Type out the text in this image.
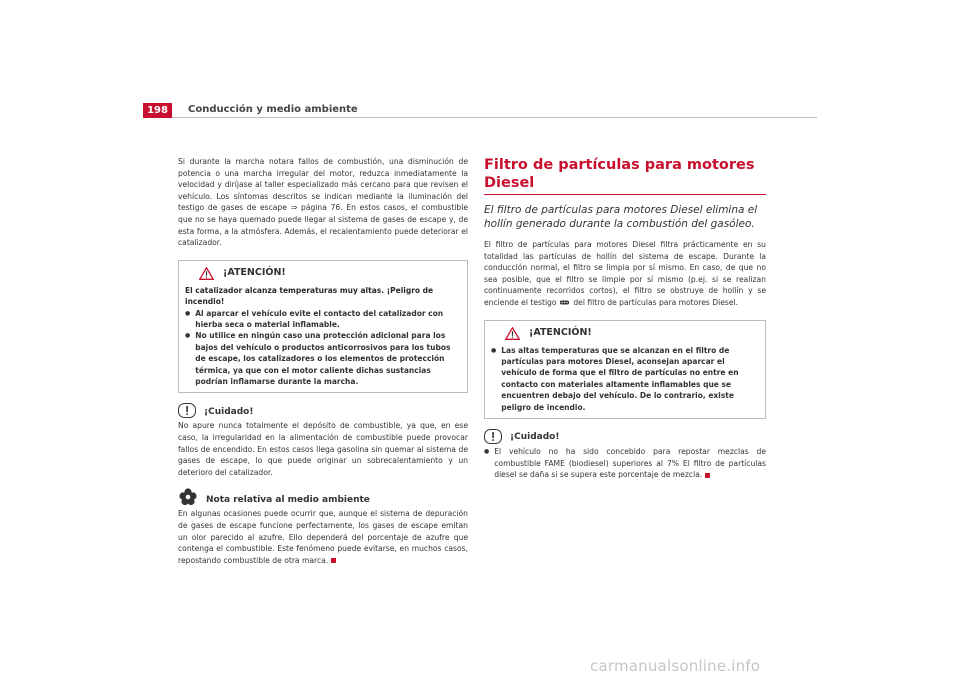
198	Conducción y medio ambiente

Si durante la marcha notara fallos de combustión, una disminución de potencia o una marcha irregular del motor, reduzca inmediatamente la velocidad y diríjase al taller especializado más cercano para que revisen el vehículo. Los síntomas descritos se indican mediante la iluminación del testigo de gases de escape ⇒ página 76. En estos casos, el combustible que no se haya quemado puede llegar al sistema de gases de escape y, de esta forma, a la atmósfera. Además, el recalentamiento puede deteriorar el catalizador.

¡ATENCIÓN!
El catalizador alcanza temperaturas muy altas. ¡Peligro de incendio!
● Al aparcar el vehículo evite el contacto del catalizador con hierba seca o material inflamable.
● No utilice en ningún caso una protección adicional para los bajos del vehículo o productos anticorrosivos para los tubos de escape, los catalizadores o los elementos de protección térmica, ya que con el motor caliente dichas sustancias podrían inflamarse durante la marcha.
¡Cuidado!

No apure nunca totalmente el depósito de combustible, ya que, en ese caso, la irregularidad en la alimentación de combustible puede provocar fallos de encendido. En estos casos llega gasolina sin quemar al sistema de gases de escape, lo que puede originar un sobrecalentamiento y un deterioro del catalizador.

Nota relativa al medio ambiente

En algunas ocasiones puede ocurrir que, aunque el sistema de depuración de gases de escape funcione perfectamente, los gases de escape emitan un olor parecido al azufre. Ello dependerá del porcentaje de azufre que contenga el combustible. Este fenómeno puede evitarse, en muchos casos, repostando combustible de otra marca.

Filtro de partículas para motores Diesel
El filtro de partículas para motores Diesel elimina el hollín generado durante la combustión del gasóleo.

El filtro de partículas para motores Diesel filtra prácticamente en su totalidad las partículas de hollín del sistema de escape. Durante la conducción normal, el filtro se limpia por sí mismo. En caso, de que no sea posible, que el filtro se limpie por sí mismo (p.ej. si se realizan continuamente recorridos cortos), el filtro se obstruye de hollín y se enciende el testigo del filtro de partículas para motores Diesel.

¡ATENCIÓN!
● Las altas temperaturas que se alcanzan en el filtro de partículas para motores Diesel, aconsejan aparcar el vehículo de forma que el filtro de partículas no entre en contacto con materiales altamente inflamables que se encuentren debajo del vehículo. De lo contrario, existe peligro de incendio.
¡Cuidado!
● El vehículo no ha sido concebido para repostar mezclas de combustible FAME (biodiesel) superiores al 7% El filtro de partículas diesel se daña si se supera este porcentaje de mezcla.

carmanualsonline.info
